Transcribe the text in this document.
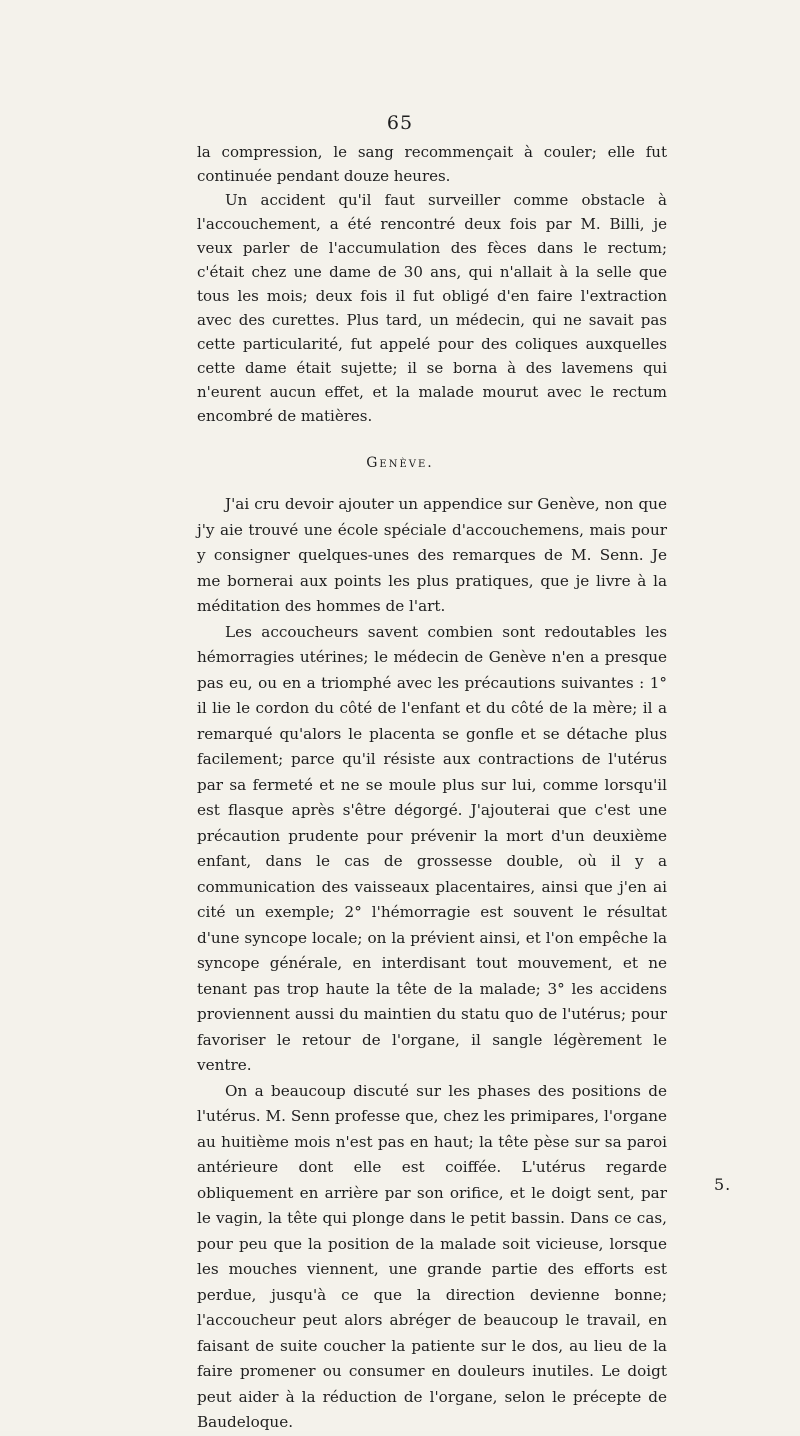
65

la compression, le sang recommençait à couler; elle fut continuée pendant douze heures.

Un accident qu'il faut surveiller comme obstacle à l'accouchement, a été rencontré deux fois par M. Billi, je veux parler de l'accumulation des fèces dans le rectum; c'était chez une dame de 30 ans, qui n'allait à la selle que tous les mois; deux fois il fut obligé d'en faire l'extraction avec des curettes. Plus tard, un médecin, qui ne savait pas cette particularité, fut appelé pour des coliques auxquelles cette dame était sujette; il se borna à des lavemens qui n'eurent aucun effet, et la malade mourut avec le rectum encombré de matières.

Genève.

J'ai cru devoir ajouter un appendice sur Genève, non que j'y aie trouvé une école spéciale d'accouchemens, mais pour y consigner quelques-unes des remarques de M. Senn. Je me bornerai aux points les plus pratiques, que je livre à la méditation des hommes de l'art.

Les accoucheurs savent combien sont redoutables les hémorragies utérines; le médecin de Genève n'en a presque pas eu, ou en a triomphé avec les précautions suivantes : 1° il lie le cordon du côté de l'enfant et du côté de la mère; il a remarqué qu'alors le placenta se gonfle et se détache plus facilement; parce qu'il résiste aux contractions de l'utérus par sa fermeté et ne se moule plus sur lui, comme lorsqu'il est flasque après s'être dégorgé. J'ajouterai que c'est une précaution prudente pour prévenir la mort d'un deuxième enfant, dans le cas de grossesse double, où il y a communication des vaisseaux placentaires, ainsi que j'en ai cité un exemple; 2° l'hémorragie est souvent le résultat d'une syncope locale; on la prévient ainsi, et l'on empêche la syncope générale, en interdisant tout mouvement, et ne tenant pas trop haute la tête de la malade; 3° les accidens proviennent aussi du maintien du statu quo de l'utérus; pour favoriser le retour de l'organe, il sangle légèrement le ventre.

On a beaucoup discuté sur les phases des positions de l'utérus. M. Senn professe que, chez les primipares, l'organe au huitième mois n'est pas en haut; la tête pèse sur sa paroi antérieure dont elle est coiffée. L'utérus regarde obliquement en arrière par son orifice, et le doigt sent, par le vagin, la tête qui plonge dans le petit bassin. Dans ce cas, pour peu que la position de la malade soit vicieuse, lorsque les mouches viennent, une grande partie des efforts est perdue, jusqu'à ce que la direction devienne bonne; l'accoucheur peut alors abréger de beaucoup le travail, en faisant de suite coucher la patiente sur le dos, au lieu de la faire promener ou consumer en douleurs inutiles. Le doigt peut aider à la réduction de l'organe, selon le précepte de Baudeloque.

5.
